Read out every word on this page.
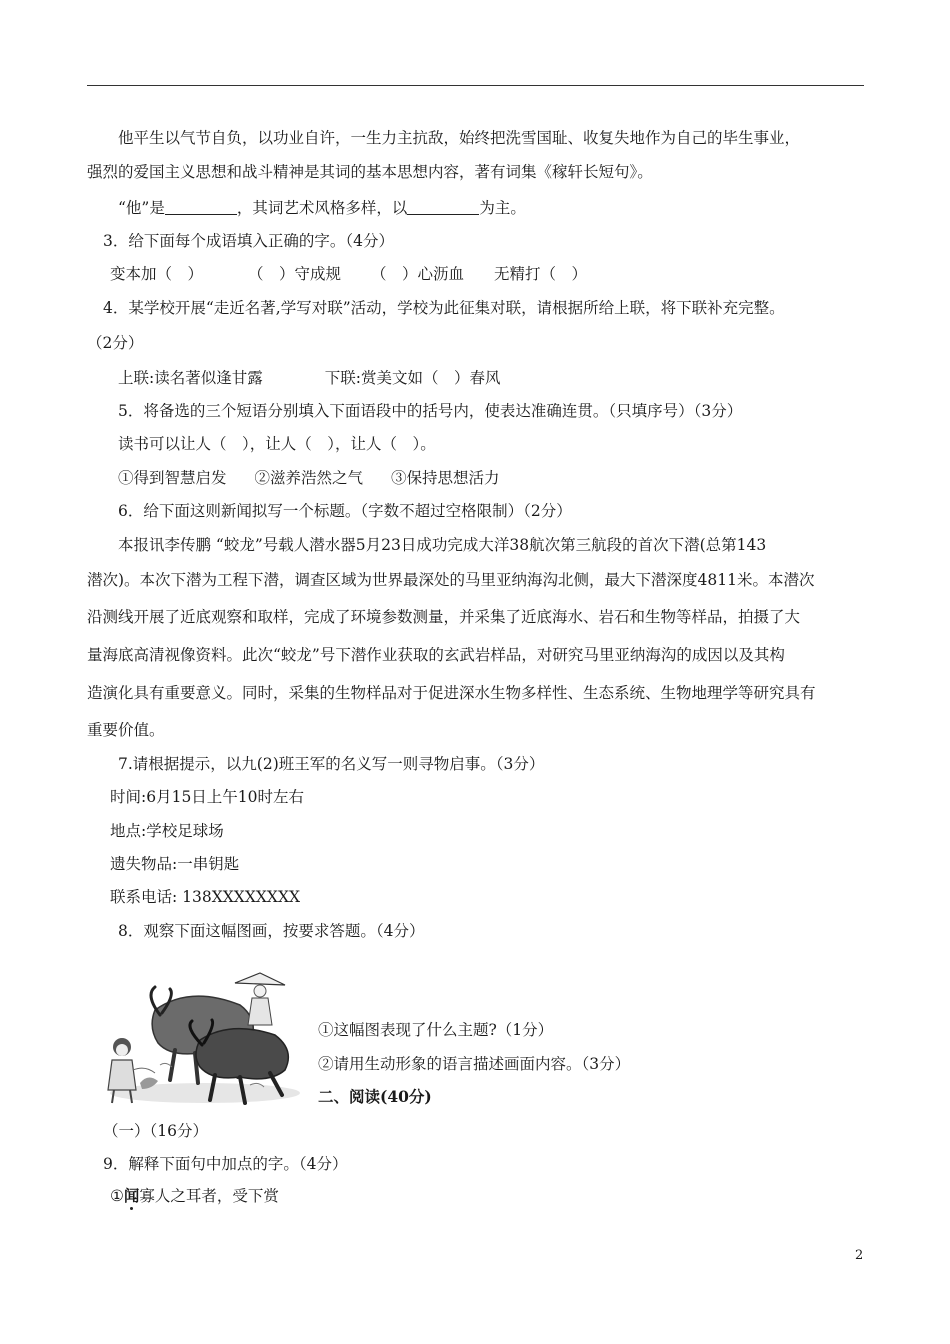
他平生以气节自负，以功业自许，一生力主抗敌，始终把洗雪国耻、收复失地作为自己的毕生事业，
强烈的爱国主义思想和战斗精神是其词的基本思想内容，著有词集《稼轩长短句》。
“他”是	，其词艺术风格多样，以	为主。
3．给下面每个成语填入正确的字。（4分）
变本加（　）	（　）守成规 （　）心沥血 无精打（　）
4．某学校开展“走近名著,学写对联”活动，学校为此征集对联，请根据所给上联，将下联补充完整。
（2分）
上联:读名著似逢甘露	下联:赏美文如（　）春风
5．将备选的三个短语分别填入下面语段中的括号内，使表达准确连贯。（只填序号）（3分）
读书可以让人（　），让人（　），让人（　）。
①得到智慧启发 ②滋养浩然之气 ③保持思想活力
6．给下面这则新闻拟写一个标题。（字数不超过空格限制）（2分）
本报讯李传鹏 “蛟龙”号载人潜水器5月23日成功完成大洋38航次第三航段的首次下潜(总第143
潜次)。本次下潜为工程下潜，调查区域为世界最深处的马里亚纳海沟北侧，最大下潜深度4811米。本潜次
沿测线开展了近底观察和取样，完成了环境参数测量，并采集了近底海水、岩石和生物等样品，拍摄了大
量海底高清视像资料。此次“蛟龙”号下潜作业获取的玄武岩样品，对研究马里亚纳海沟的成因以及其构
造演化具有重要意义。同时，采集的生物样品对于促进深水生物多样性、生态系统、生物地理学等研究具有
重要价值。
7.请根据提示，以九(2)班王军的名义写一则寻物启事。（3分）
时间:6月15日上午10时左右
地点:学校足球场
遗失物品:一串钥匙
联系电话: 138XXXXXXXX
8．观察下面这幅图画，按要求答题。（4分）
①这幅图表现了什么主题?（1分）
②请用生动形象的语言描述画面内容。（3分）
二、阅读(40分)
（一）（16分）
9．解释下面句中加点的字。（4分）
①闻寡人之耳者，受下赏
2
